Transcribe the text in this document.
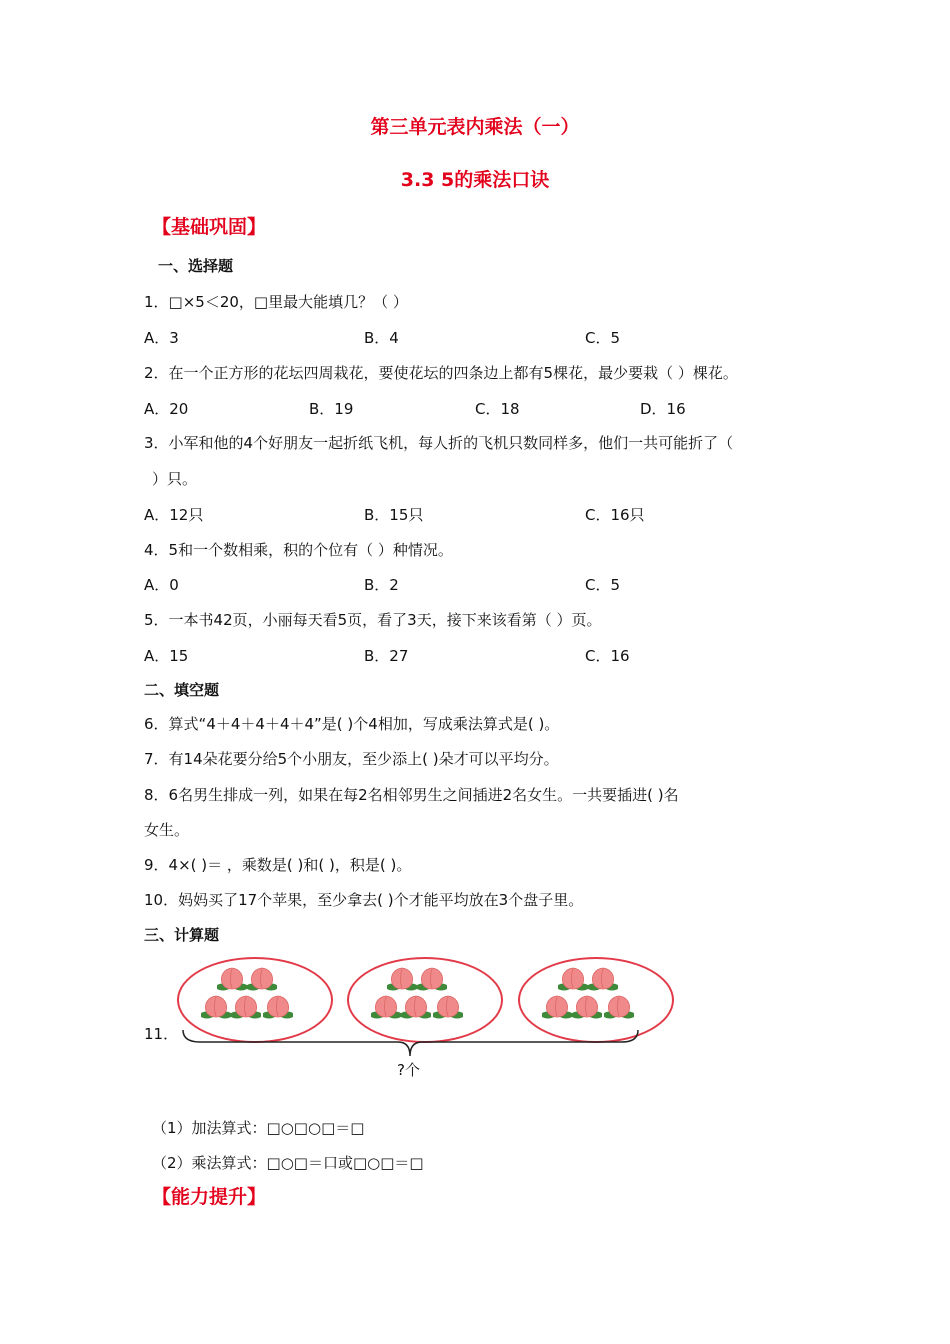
第三单元表内乘法（一）
3.3 5的乘法口诀
【基础巩固】
一、选择题
1．□×5＜20，□里最大能填几？（ ）
A．3	B．4	C．5
2．在一个正方形的花坛四周栽花，要使花坛的四条边上都有5棵花，最少要栽（ ）棵花。
A．20	B．19	C．18	D．16
3．小军和他的4个好朋友一起折纸飞机，每人折的飞机只数同样多，他们一共可能折了（
）只。
A．12只	B．15只	C．16只
4．5和一个数相乘，积的个位有（ ）种情况。
A．0	B．2	C．5
5．一本书42页，小丽每天看5页，看了3天，接下来该看第（ ）页。
A．15	B．27	C．16
二、填空题
6．算式“4＋4＋4＋4＋4”是( )个4相加，写成乘法算式是( )。
7．有14朵花要分给5个小朋友，至少添上( )朵才可以平均分。
8．6名男生排成一列，如果在每2名相邻男生之间插进2名女生。一共要插进( )名
女生。
9．4×( )＝ ，乘数是( )和( )，积是( )。
10．妈妈买了17个苹果，至少拿去( )个才能平均放在3个盘子里。
三、计算题
11．
?个
（1）加法算式：□○□○□＝□
（2）乘法算式：□○□＝口或□○□＝□
【能力提升】
